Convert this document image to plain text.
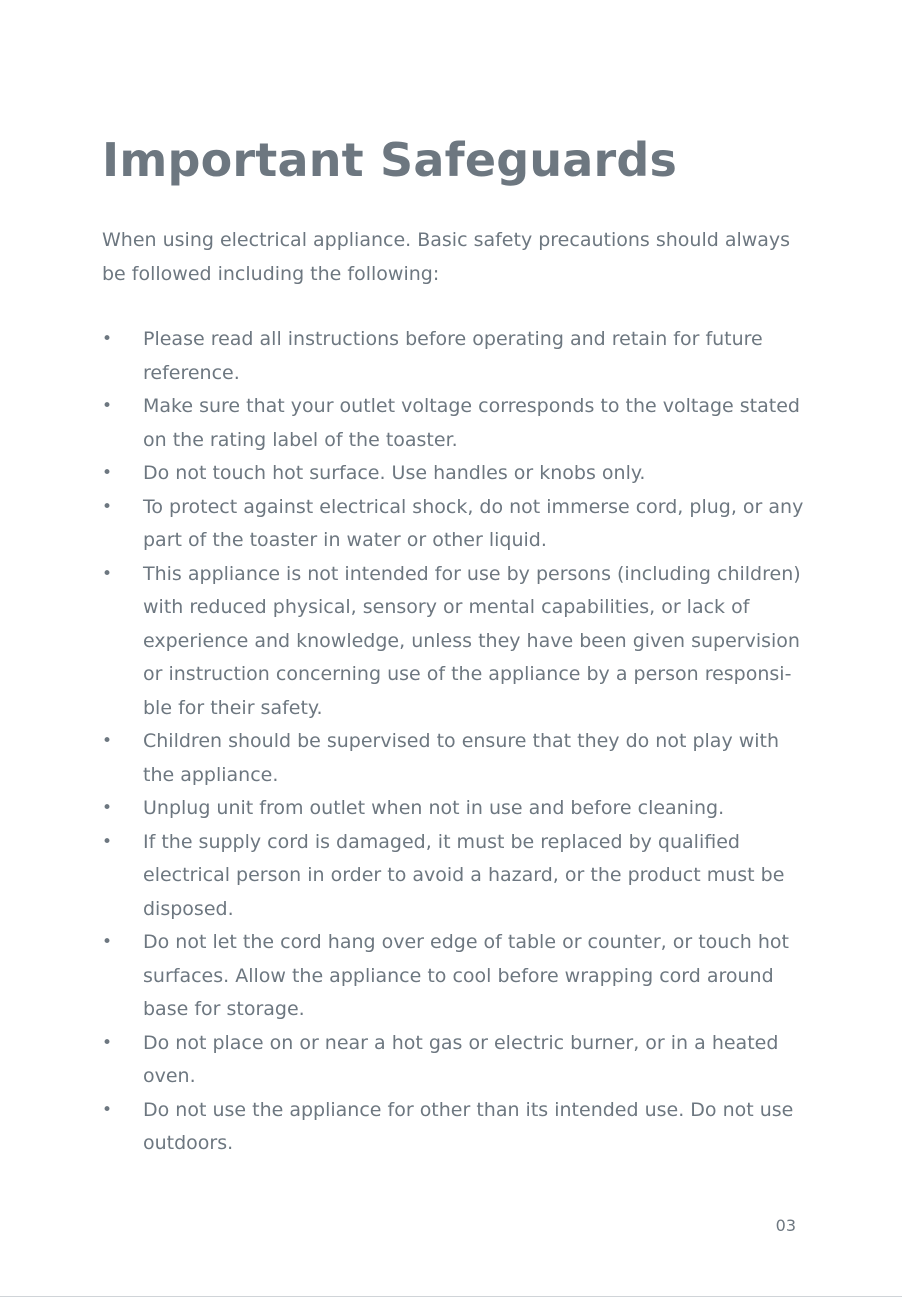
Important Safeguards

When using electrical appliance. Basic safety precautions should always be followed including the following:

• Please read all instructions before operating and retain for future reference.
• Make sure that your outlet voltage corresponds to the voltage stated on the rating label of the toaster.
• Do not touch hot surface. Use handles or knobs only.
• To protect against electrical shock, do not immerse cord, plug, or any part of the toaster in water or other liquid.
• This appliance is not intended for use by persons (including children) with reduced physical, sensory or mental capabilities, or lack of experience and knowledge, unless they have been given supervision or instruction concerning use of the appliance by a person responsi-ble for their safety.
• Children should be supervised to ensure that they do not play with the appliance.
• Unplug unit from outlet when not in use and before cleaning.
• If the supply cord is damaged, it must be replaced by qualified electrical person in order to avoid a hazard, or the product must be disposed.
• Do not let the cord hang over edge of table or counter, or touch hot surfaces. Allow the appliance to cool before wrapping cord around base for storage.
• Do not place on or near a hot gas or electric burner, or in a heated oven.
• Do not use the appliance for other than its intended use. Do not use outdoors.
03
